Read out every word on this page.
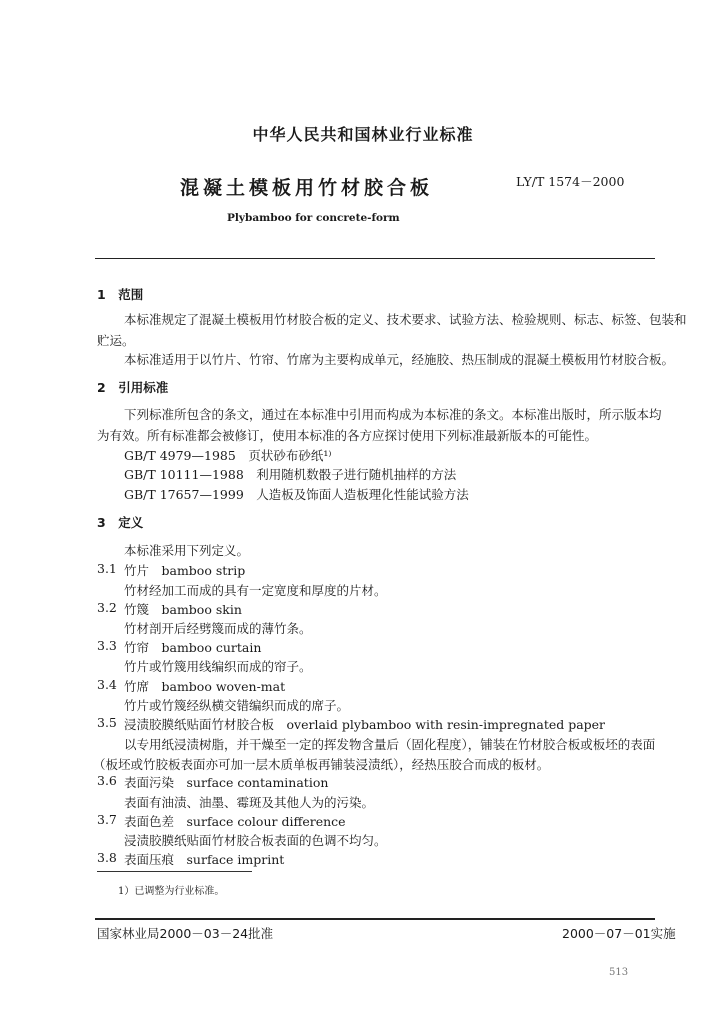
中华人民共和国林业行业标准
混凝土模板用竹材胶合板	LY/T 1574－2000
Plybamboo for concrete-form
1　范围
本标准规定了混凝土模板用竹材胶合板的定义、技术要求、试验方法、检验规则、标志、标签、包装和
贮运。
本标准适用于以竹片、竹帘、竹席为主要构成单元，经施胶、热压制成的混凝土模板用竹材胶合板。
2　引用标准
下列标准所包含的条文，通过在本标准中引用而构成为本标准的条文。本标准出版时，所示版本均
为有效。所有标准都会被修订，使用本标准的各方应探讨使用下列标准最新版本的可能性。
GB/T 4979—1985　页状砂布砂纸¹⁾
GB/T 10111—1988　利用随机数骰子进行随机抽样的方法
GB/T 17657—1999　人造板及饰面人造板理化性能试验方法
3　定义
本标准采用下列定义。
3.1 竹片　bamboo strip
竹材经加工而成的具有一定宽度和厚度的片材。
3.2 竹篾　bamboo skin
竹材剖开后经劈篾而成的薄竹条。
3.3 竹帘　bamboo curtain
竹片或竹篾用线编织而成的帘子。
3.4 竹席　bamboo woven-mat
竹片或竹篾经纵横交错编织而成的席子。
3.5 浸渍胶膜纸贴面竹材胶合板　overlaid plybamboo with resin-impregnated paper
以专用纸浸渍树脂，并干燥至一定的挥发物含量后（固化程度），铺装在竹材胶合板或板坯的表面
（板坯或竹胶板表面亦可加一层木质单板再铺装浸渍纸），经热压胶合而成的板材。
3.6 表面污染　surface contamination
表面有油渍、油墨、霉斑及其他人为的污染。
3.7 表面色差　surface colour difference
浸渍胶膜纸贴面竹材胶合板表面的色调不均匀。
3.8 表面压痕　surface imprint
1）已调整为行业标准。
国家林业局2000－03－24批准	2000－07－01实施
513
